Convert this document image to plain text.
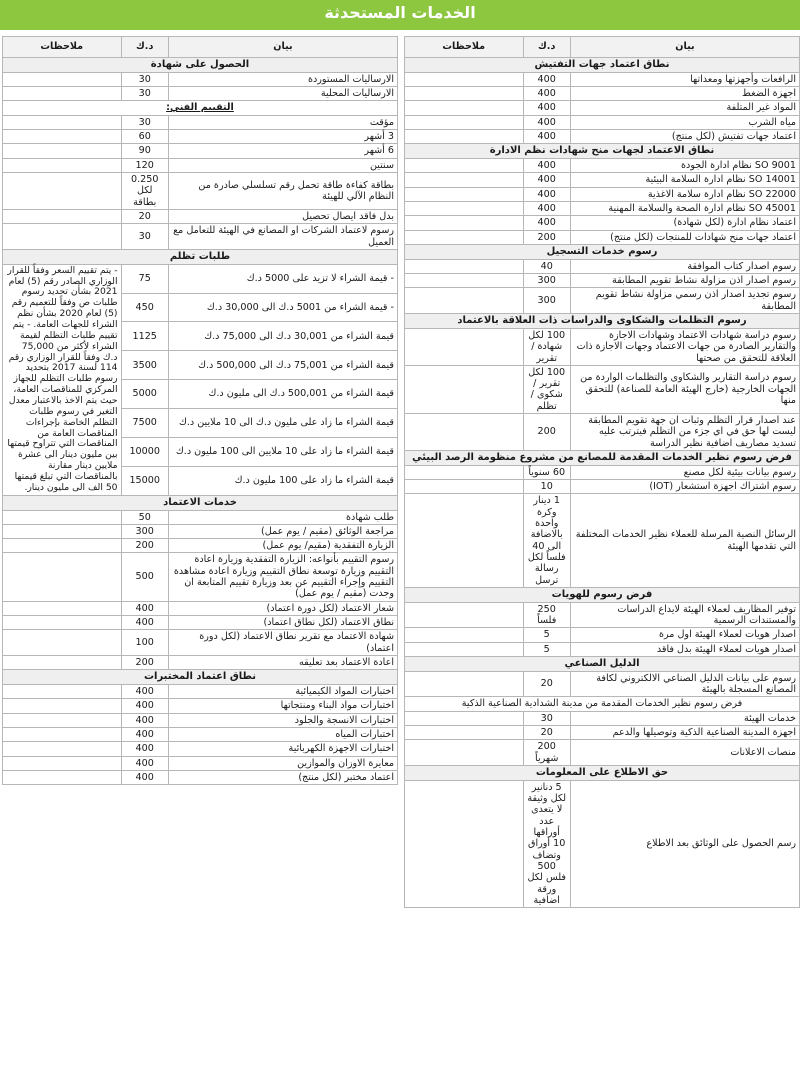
الخدمات المستحدثة
بيان	د.ك	ملاحظات
نطاق اعتماد جهات التفتيش		
الرافعات وأجهزتها ومعداتها	400	
اجهزة الضغط	400	
المواد غير المتلفة	400	
مياه الشرب	400	
اعتماد جهات تفتيش (لكل منتج)	400	
نطاق الاعتماد لجهات منح شهادات نظم الادارة		
SO 9001 نظام ادارة الجودة	400	
SO 14001 نظام ادارة السلامة البيئية	400	
SO 22000 نظام ادارة سلامة الاغذية	400	
SO 45001 نظام ادارة الصحة والسلامة المهنية	400	
اعتماد نظام ادارة (لكل شهادة)	400	
اعتماد جهات منح شهادات للمنتجات (لكل منتج)	200	
رسوم خدمات التسجيل		
رسوم اصدار كتاب الموافقة	40	
رسوم اصدار اذن مزاولة نشاط تقويم المطابقة	300	
رسوم تجديد اصدار اذن رسمي مزاولة نشاط تقويم المطابقة	300	
رسوم التظلمات والشكاوى والدراسات ذات العلاقة بالاعتماد		
رسوم دراسة شهادات الاعتماد وشهادات الاجازة والتقارير الصادرة من جهات الاعتماد وجهات الاجازة ذات العلاقة للتحقق من صحتها	100 لكل شهادة / تقرير	
رسوم دراسة التقارير والشكاوى والتظلمات الواردة من الجهات الخارجية (خارج الهيئة العامة للصناعة) للتحقق منها	100 لكل تقرير / شكوى / تظلم	
عند اصدار قرار التظلم وثبات ان جهة تقويم المطابقة ليست لها حق في اي جزء من التظلم فيترتب عليه تسديد مصاريف اضافية نظير الدراسة	200	
فرض رسوم نظير الخدمات المقدمة للمصانع من مشروع منظومة الرصد البيئي		
رسوم بيانات بيئية لكل مصنع	60 سنوياً	
رسوم اشتراك اجهزة استشعار (IOT)	10	
الرسائل النصية المرسلة للعملاء نظير الخدمات المختلفة التي تقدمها الهيئة	1 دينار وكرة واحدة بالاضافة الى 40 فلساً لكل رسالة ترسل	
فرض رسوم للهويات		
توفير المظاريف لعملاء الهيئة لايداع الدراسات والمستندات الرسمية	250 فلساً	
اصدار هويات لعملاء الهيئة اول مرة	5	
اصدار هويات لعملاء الهيئة بدل فاقد	5	
الدليل الصناعي		
رسوم على بيانات الدليل الصناعي الالكتروني لكافة المصانع المسجلة بالهيئة	20	
فرض رسوم نظير الخدمات المقدمة من مدينة الشدادية الصناعية الذكية		
خدمات الهيئة	30	
اجهزة المدينة الصناعية الذكية وتوصيلها والدعم	20	
منصات الاعلانات	200 شهرياً	
حق الاطلاع على المعلومات		
رسم الحصول على الوثائق بعد الاطلاع	5 دنانير لكل وثيقة لا يتعدى عدد أوراقها 10 أوراق وتضاف 500 فلس لكل ورقة اضافية	
بيان	د.ك	ملاحظات
الحصول على شهادة		
الارساليات المستوردة	30	
الارساليات المحلية	30	
التقييم الفني:		
مؤقت	30	
3 أشهر	60	
6 أشهر	90	
سنتين	120	
بطاقة كفاءة طاقة تحمل رقم تسلسلي صادرة من النظام الآلي للهيئة	0.250 لكل بطاقة	
بدل فاقد ايصال تحصيل	20	
رسوم لاعتماد الشركات او المصانع في الهيئة للتعامل مع العميل	30	
طلبات تظلم		
- قيمة الشراء لا تزيد على 5000 د.ك	75	- يتم تقييم السعر وفقاً للقرار الوزاري الصادر رقم (5) لعام 2021 بشأن تحديد رسوم طلبات ص وفقاً للتعميم رقم (5) لعام 2020 بشأن نظم الشراء للجهات العامة. - يتم تقييم طلبات التظلم لقيمة الشراء لأكثر من 75,000 د.ك وفقاً للقرار الوزاري رقم 114 لسنة 2017 بتحديد رسوم طلبات التظلم للجهاز المركزي للمناقصات العامة، حيث يتم الاخذ بالاعتبار معدل التغير في رسوم طلبات التظلم الخاصة بإجراءات المناقصات العامة من المناقصات التي تتراوح قيمتها بين مليون دينار الى عشرة ملايين دينار مقارنة بالمناقصات التي تبلغ قيمتها 50 الف الى مليون دينار.
- قيمة الشراء من 5001 د.ك الى 30,000 د.ك	450	
قيمة الشراء من 30,001 د.ك الى 75,000 د.ك	1125	
قيمة الشراء من 75,001 د.ك الى 500,000 د.ك	3500	
قيمة الشراء من 500,001 د.ك الى مليون د.ك	5000	
قيمة الشراء ما زاد على مليون د.ك الى 10 ملايين د.ك	7500	
قيمة الشراء ما زاد على 10 ملايين الى 100 مليون د.ك	10000	
قيمة الشراء ما زاد على 100 مليون د.ك	15000	
خدمات الاعتماد		
طلب شهادة	50	
مراجعة الوثائق (مقيم / يوم عمل)	300	
الزيارة التفقدية (مقيم/ يوم عمل)	200	
رسوم التقييم بأنواعه: الزيارة التفقدية وزيارة اعادة التقييم وزيارة توسعة نطاق التقييم وزيارة اعادة مشاهدة التقييم وإجراء التقييم عن بعد وزيارة تقييم المتابعة ان وجدت (مقيم / يوم عمل)	500	
شعار الاعتماد (لكل دورة اعتماد)	400	
نطاق الاعتماد (لكل نطاق اعتماد)	400	
شهادة الاعتماد مع تقرير نطاق الاعتماد (لكل دورة اعتماد)	100	
اعادة الاعتماد بعد تعليقه	200	
نطاق اعتماد المختبرات		
اختبارات المواد الكيميائية	400	
اختبارات مواد البناء ومنتجاتها	400	
اختبارات الانسجة والجلود	400	
اختبارات المياه	400	
اختبارات الاجهزة الكهربائية	400	
معايرة الاوزان والموازين	400	
اعتماد مختبر (لكل منتج)	400	
